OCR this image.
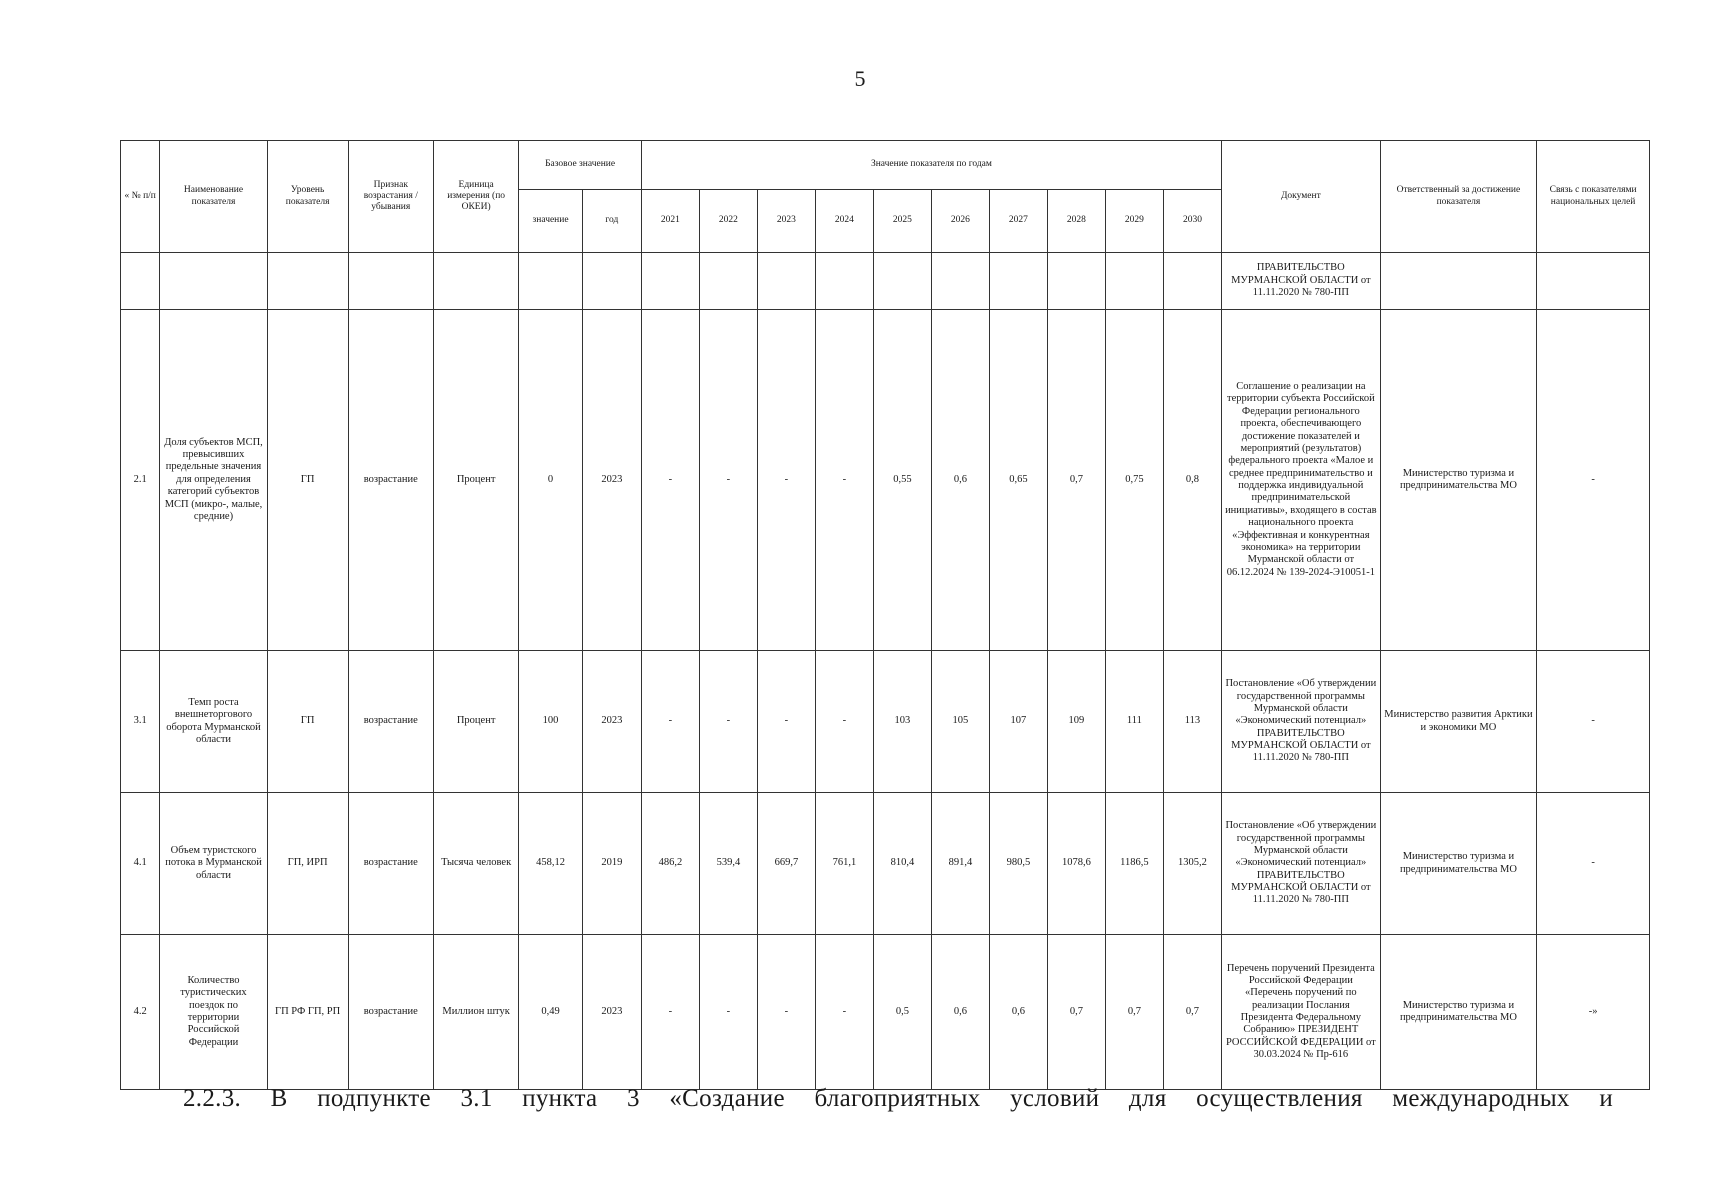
5
« № п/п	Наименование показателя	Уровень показателя	Признак возрастания / убывания	Единица измерения (по ОКЕИ)	Базовое значение		Значение показателя по годам										Документ	Ответственный за достижение показателя	Связь с показателями национальных целей
					значение	год	2021	2022	2023	2024	2025	2026	2027	2028	2029	2030			
																	ПРАВИТЕЛЬСТВО МУРМАНСКОЙ ОБЛАСТИ от 11.11.2020 № 780-ПП		
2.1	Доля субъектов МСП, превысивших предельные значения для определения категорий субъектов МСП (микро-, малые, средние)	ГП	возрастание	Процент	0	2023	-	-	-	-	0,55	0,6	0,65	0,7	0,75	0,8	Соглашение о реализации на территории субъекта Российской Федерации регионального проекта, обеспечивающего достижение показателей и мероприятий (результатов) федерального проекта «Малое и среднее предпринимательство и поддержка индивидуальной предпринимательской инициативы», входящего в состав национального проекта «Эффективная и конкурентная экономика» на территории Мурманской области от 06.12.2024 № 139-2024-Э10051-1	Министерство туризма и предпринимательства МО	-
3.1	Темп роста внешнеторгового оборота Мурманской области	ГП	возрастание	Процент	100	2023	-	-	-	-	103	105	107	109	111	113	Постановление «Об утверждении государственной программы Мурманской области «Экономический потенциал» ПРАВИТЕЛЬСТВО МУРМАНСКОЙ ОБЛАСТИ от 11.11.2020 № 780-ПП	Министерство развития Арктики и экономики МО	-
4.1	Объем туристского потока в Мурманской области	ГП, ИРП	возрастание	Тысяча человек	458,12	2019	486,2	539,4	669,7	761,1	810,4	891,4	980,5	1078,6	1186,5	1305,2	Постановление «Об утверждении государственной программы Мурманской области «Экономический потенциал» ПРАВИТЕЛЬСТВО МУРМАНСКОЙ ОБЛАСТИ от 11.11.2020 № 780-ПП	Министерство туризма и предпринимательства МО	-
4.2	Количество туристических поездок по территории Российской Федерации	ГП РФ ГП, РП	возрастание	Миллион штук	0,49	2023	-	-	-	-	0,5	0,6	0,6	0,7	0,7	0,7	Перечень поручений Президента Российской Федерации «Перечень поручений по реализации Послания Президента Федеральному Собранию» ПРЕЗИДЕНТ РОССИЙСКОЙ ФЕДЕРАЦИИ от 30.03.2024 № Пр-616	Министерство туризма и предпринимательства МО	-»
2.2.3. В подпункте 3.1 пункта 3 «Создание благоприятных условий для осуществления международных и
